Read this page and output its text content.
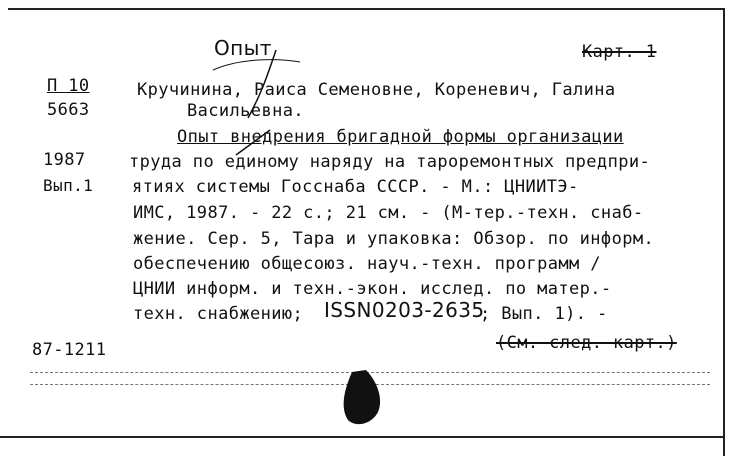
Опыт	Карт. 1
П 10
5663
1987
Вып.1
87-1211
Кручинина, Раиса Семеновне, Кореневич, Галина
Васильевна.
Опыт внедрения бригадной формы организации
труда по единому наряду на тароремонтных предпри-
ятиях системы Госснаба СССР. - М.: ЦНИИТЭ-
ИМС, 1987. - 22 с.; 21 см. - (М-тер.-техн. снаб-
жение. Сер. 5, Тара и упаковка: Обзор. по информ.
обеспечению общесоюз. науч.-техн. программ /
ЦНИИ информ. и техн.-экон. исслед. по матер.-
техн. снабжению; ISSN0203-2635
; Вып. 1). -
(См. след. карт.)
